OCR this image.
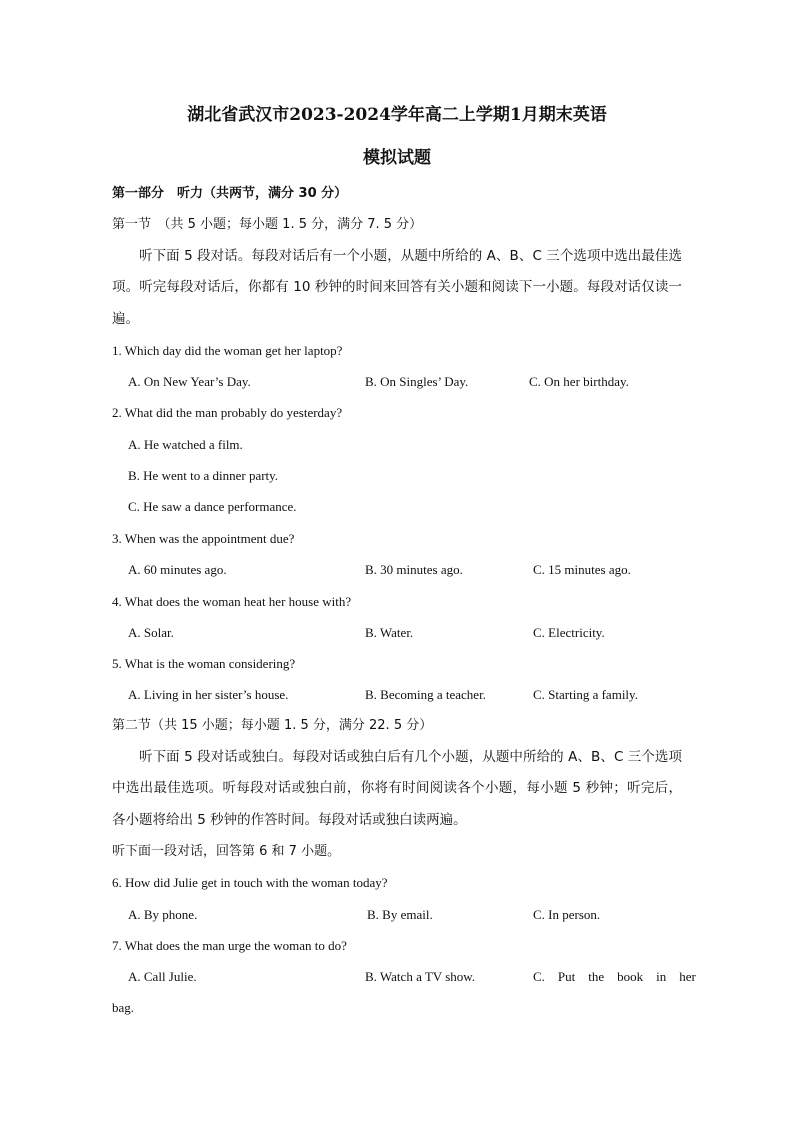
湖北省武汉市2023-2024学年高二上学期1月期末英语
模拟试题
第一部分　听力（共两节，满分 30 分）
第一节　（共 5 小题；每小题 1. 5 分，满分 7. 5 分）
听下面 5 段对话。每段对话后有一个小题，从题中所给的 A、B、C 三个选项中选出最佳选项。听完每段对话后，你都有 10 秒钟的时间来回答有关小题和阅读下一小题。每段对话仅读一遍。
1. Which day did the woman get her laptop?
A. On New Year’s Day.	B. On Singles’ Day.	C. On her birthday.
2. What did the man probably do yesterday?
A. He watched a film.
B. He went to a dinner party.
C. He saw a dance performance.
3. When was the appointment due?
A. 60 minutes ago.	B. 30 minutes ago.	C. 15 minutes ago.
4. What does the woman heat her house with?
A. Solar.	B. Water.	C. Electricity.
5. What is the woman considering?
A. Living in her sister’s house.	B. Becoming a teacher.	C. Starting a family.
第二节（共 15 小题；每小题 1. 5 分，满分 22. 5 分）
听下面 5 段对话或独白。每段对话或独白后有几个小题，从题中所给的 A、B、C 三个选项中选出最佳选项。听每段对话或独白前，你将有时间阅读各个小题，每小题 5 秒钟；听完后，各小题将给出 5 秒钟的作答时间。每段对话或独白读两遍。
听下面一段对话，回答第 6 和 7 小题。
6. How did Julie get in touch with the woman today?
A. By phone.	B. By email.	C. In person.
7. What does the man urge the woman to do?
A. Call Julie.	B. Watch a TV show.	C.　Put　the　book　in　her
bag.
